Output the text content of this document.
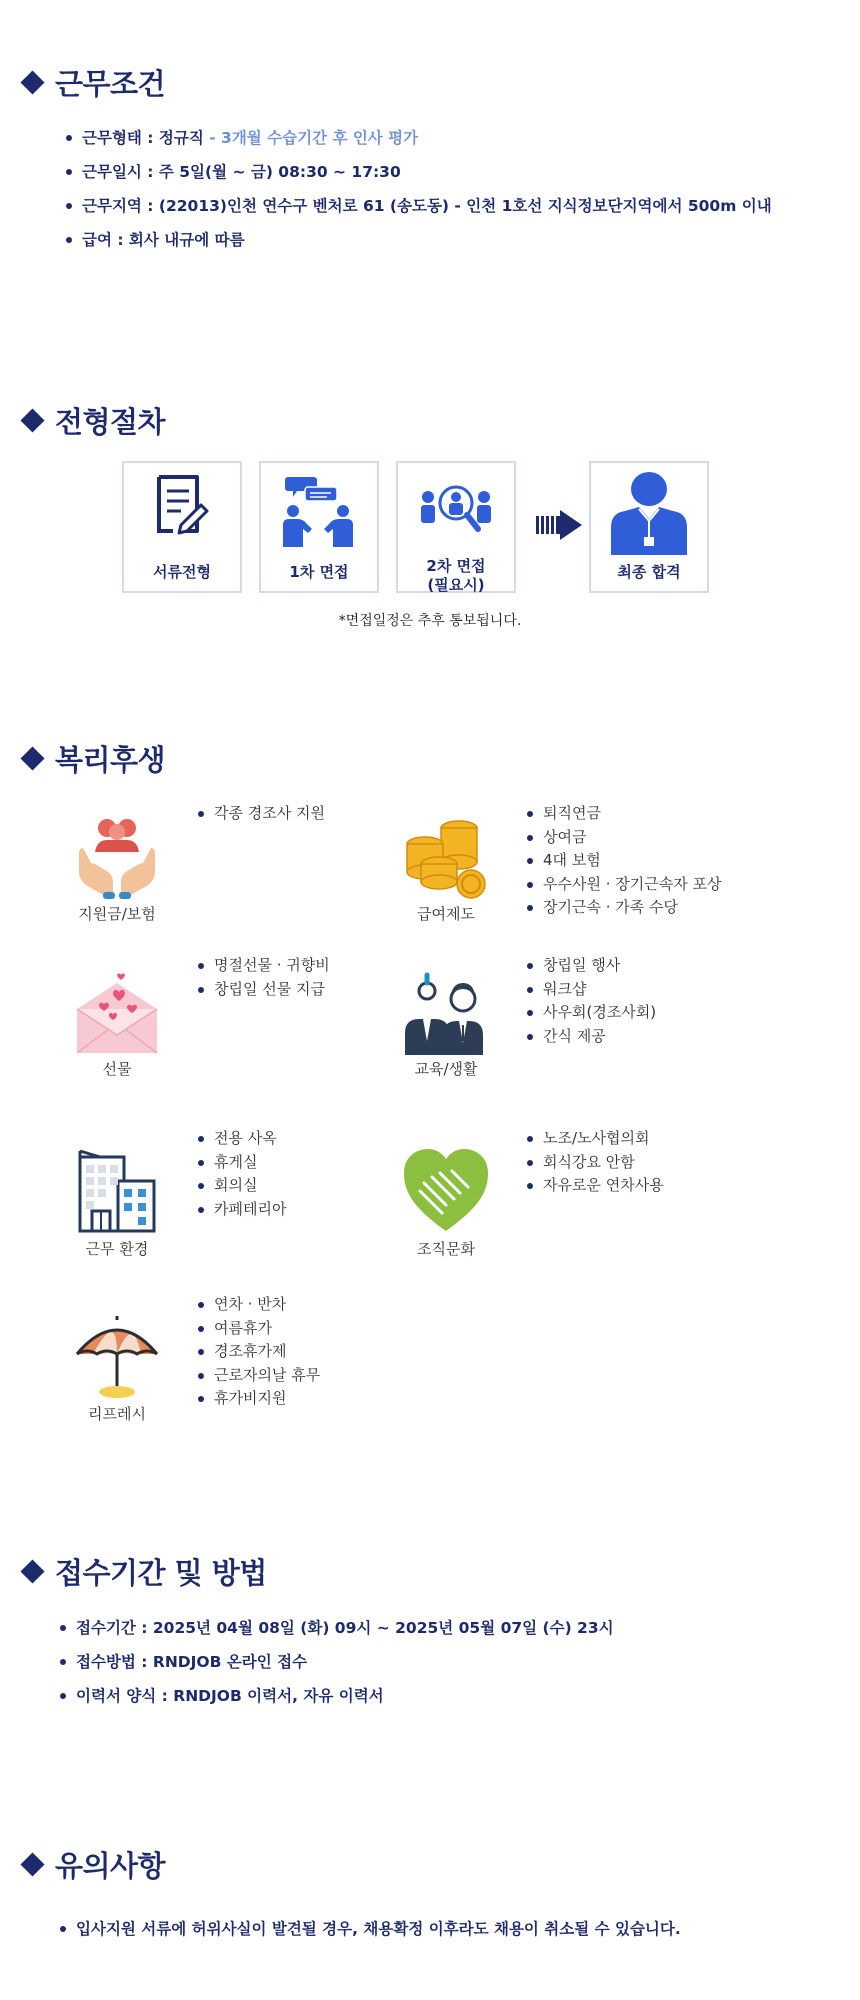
근무조건
근무형태 : 정규직 - 3개월 수습기간 후 인사 평가
근무일시 : 주 5일(월 ~ 금) 08:30 ~ 17:30
근무지역 : (22013)인천 연수구 벤처로 61 (송도동) - 인천 1호선 지식정보단지역에서 500m 이내
급여 : 회사 내규에 따름
전형절차
서류전형	1차 면접	2차 면접
(필요시)
최종 합격
*면접일정은 추후 통보됩니다.
복리후생
지원금/보험
각종 경조사 지원
급여제도
퇴직연금
상여금
4대 보험
우수사원 · 장기근속자 포상
장기근속 · 가족 수당
선물
명절선물 · 귀향비
창립일 선물 지급
교육/생활
창립일 행사
워크샵
사우회(경조사회)
간식 제공
근무 환경
전용 사옥
휴게실
회의실
카페테리아
조직문화
노조/노사협의회
회식강요 안함
자유로운 연차사용
리프레시
연차 · 반차
여름휴가
경조휴가제
근로자의날 휴무
휴가비지원
접수기간 및 방법
접수기간 : 2025년 04월 08일 (화) 09시 ~ 2025년 05월 07일 (수) 23시
접수방법 : RNDJOB 온라인 접수
이력서 양식 : RNDJOB 이력서, 자유 이력서
유의사항
입사지원 서류에 허위사실이 발견될 경우, 채용확정 이후라도 채용이 취소될 수 있습니다.
